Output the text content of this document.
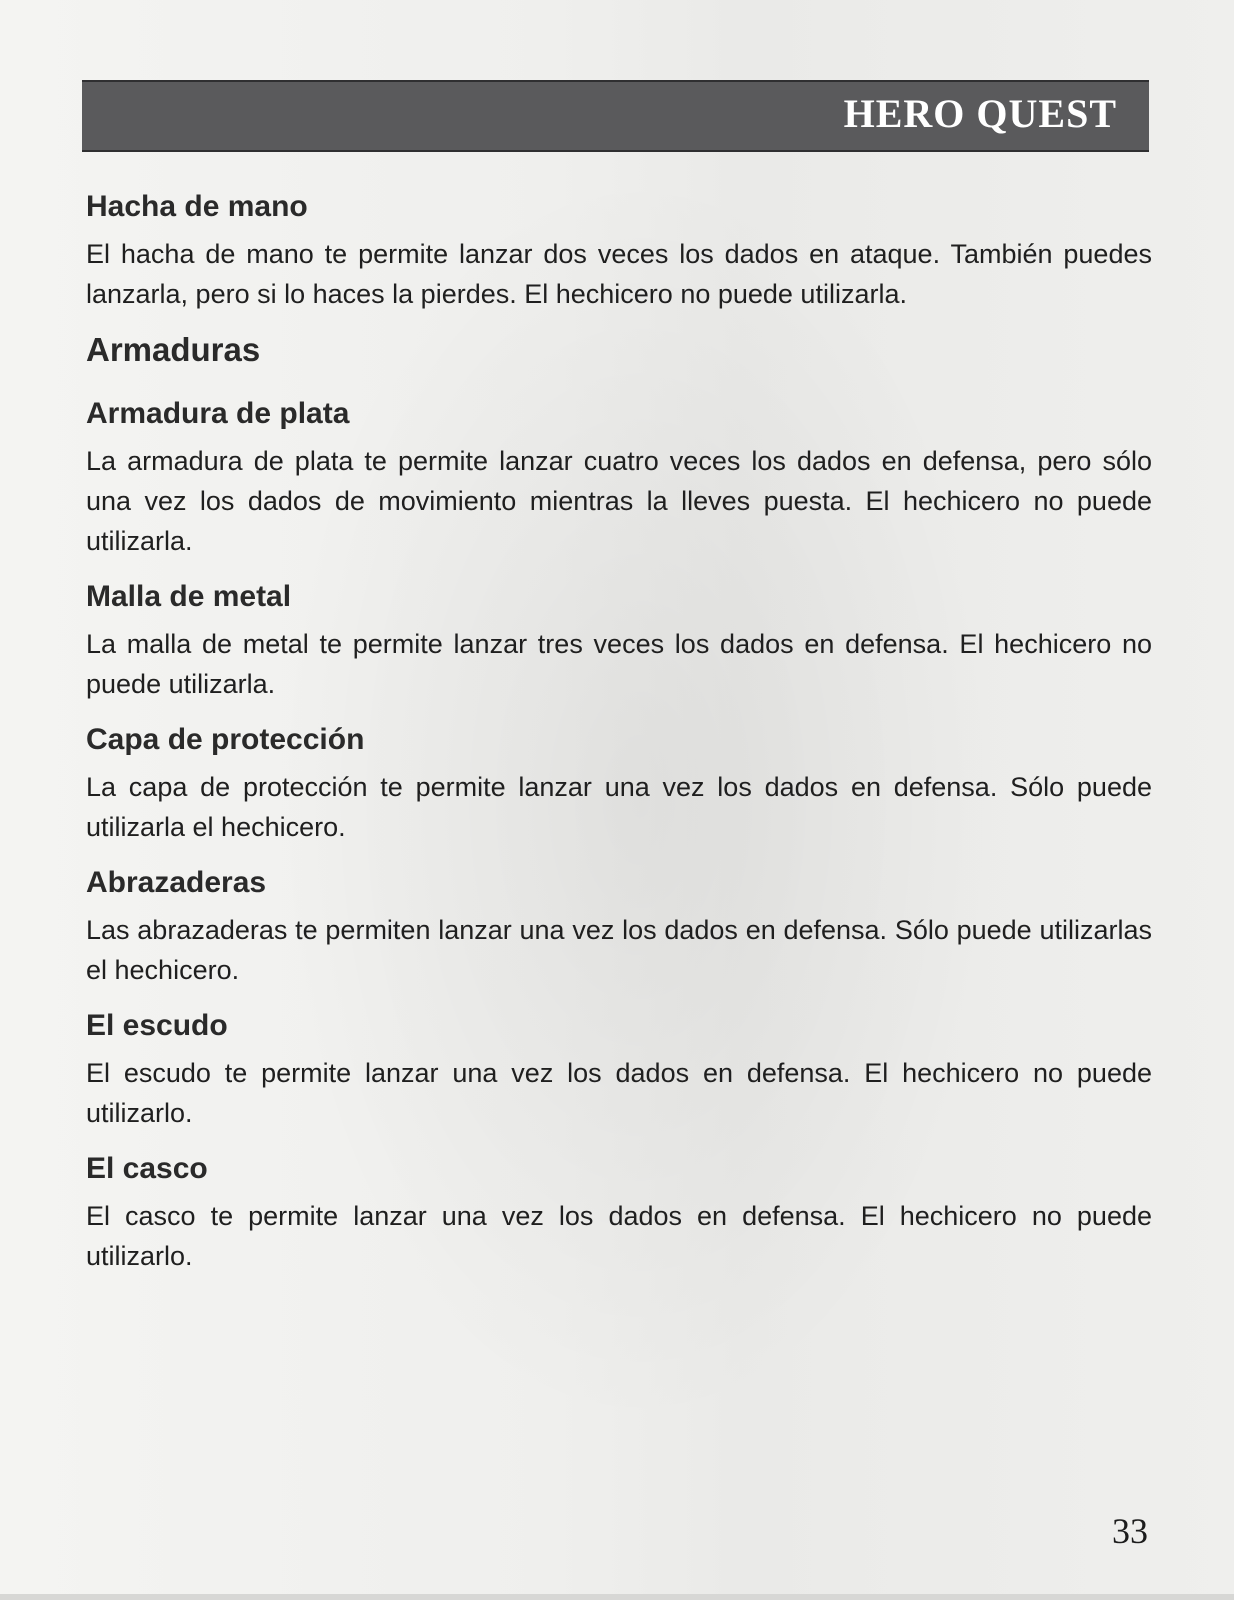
HERO QUEST
Hacha de mano

El hacha de mano te permite lanzar dos veces los dados en ataque. También puedes lanzarla, pero si lo haces la pierdes. El hechicero no puede utilizarla.

Armaduras
Armadura de plata

La armadura de plata te permite lanzar cuatro veces los dados en defensa, pero sólo una vez los dados de movimiento mientras la lleves puesta. El hechicero no puede utilizarla.

Malla de metal

La malla de metal te permite lanzar tres veces los dados en defensa. El hechicero no puede utilizarla.

Capa de protección

La capa de protección te permite lanzar una vez los dados en defensa. Sólo puede utilizarla el hechicero.

Abrazaderas

Las abrazaderas te permiten lanzar una vez los dados en defensa. Sólo puede utilizarlas el hechicero.

El escudo

El escudo te permite lanzar una vez los dados en defensa. El hechicero no puede utilizarlo.

El casco

El casco te permite lanzar una vez los dados en defensa. El hechicero no puede utilizarlo.

33
